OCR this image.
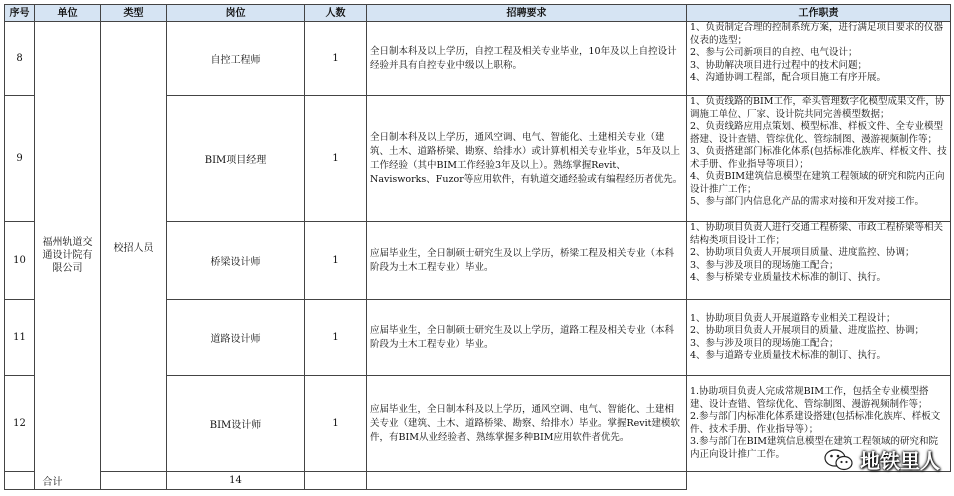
序号	单位	类型	岗位	人数	招聘要求	工作职责
8	福州轨道交通设计院有限公司	校招人员	自控工程师	1	全日制本科及以上学历，自控工程及相关专业毕业，10年及以上自控设计经验并具有自控专业中级以上职称。	1、负责制定合理的控制系统方案，进行满足项目要求的仪器仪表的选型；
2、参与公司新项目的自控、电气设计；
3、协助解决项目进行过程中的技术问题；
4、沟通协调工程部，配合项目施工有序开展。

9			BIM项目经理	1	全日制本科及以上学历，通风空调、电气、智能化、土建相关专业（建筑、土木、道路桥梁、勘察、给排水）或计算机相关专业毕业，5年及以上工作经验（其中BIM工作经验3年及以上）。熟练掌握Revit、Navisworks、Fuzor等应用软件，有轨道交通经验或有编程经历者优先。	1、负责线路的BIM工作，牵头管理数字化模型成果文件，协调施工单位、厂家、设计院共同完善模型数据；
2、负责线路应用点策划、模型标准、样板文件、全专业模型搭建、设计查错、管综优化、管综制图、漫游视频制作等；
3、负责搭建部门标准化体系(包括标准化族库、样板文件、技术手册、作业指导等项目）；
4、负责BIM建筑信息模型在建筑工程领域的研究和院内正向设计推广工作；
5、参与部门内信息化产品的需求对接和开发对接工作。

10			桥梁设计师	1	应届毕业生，全日制硕士研究生及以上学历，桥梁工程及相关专业（本科阶段为土木工程专业）毕业。	1、协助项目负责人进行交通工程桥梁、市政工程桥梁等相关结构类项目设计工作；
2、协助项目负责人开展项目质量、进度监控、协调；
3、参与涉及项目的现场施工配合；
4、参与桥梁专业质量技术标准的制订、执行。

11			道路设计师	1	应届毕业生，全日制硕士研究生及以上学历，道路工程及相关专业（本科阶段为土木工程专业）毕业。	1、协助项目负责人开展道路专业相关工程设计；
2、协助项目负责人开展项目的质量、进度监控、协调；
3、参与涉及项目的现场施工配合；
4、参与道路专业质量技术标准的制订、执行。

12			BIM设计师	1	应届毕业生，全日制本科及以上学历，通风空调、电气、智能化、土建相关专业（建筑、土木、道路桥梁、勘察、给排水）毕业。掌握Revit建模软件，有BIM从业经验者、熟练掌握多种BIM应用软件者优先。	1.协助项目负责人完成常规BIM工作，包括全专业模型搭建、设计查错、管综优化、管综制图、漫游视频制作等；
2.参与部门内标准化体系建设搭建(包括标准化族库、样板文件、技术手册、作业指导等）；
3.参与部门在BIM建筑信息模型在建筑工程领域的研究和院内正向设计推广工作。

合计			14			
地铁里人
